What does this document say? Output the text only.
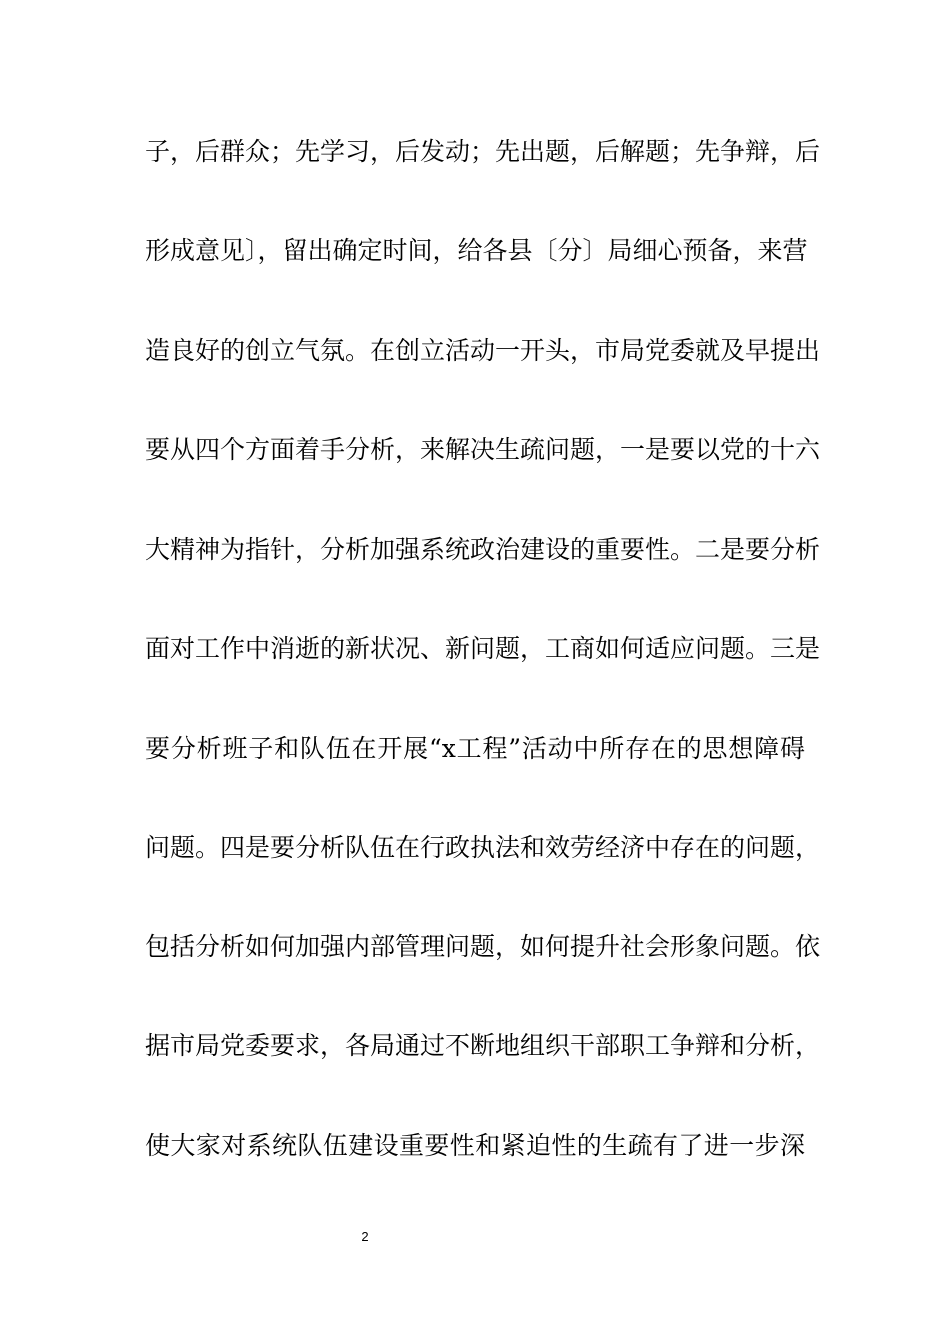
子，后群众；先学习，后发动；先出题，后解题；先争辩，后
形成意见〕，留出确定时间，给各县〔分〕局细心预备，来营
造良好的创立气氛。在创立活动一开头，市局党委就及早提出
要从四个方面着手分析，来解决生疏问题，一是要以党的十六
大精神为指针，分析加强系统政治建设的重要性。二是要分析
面对工作中消逝的新状况、新问题，工商如何适应问题。三是
要分析班子和队伍在开展“x工程”活动中所存在的思想障碍
问题。四是要分析队伍在行政执法和效劳经济中存在的问题，
包括分析如何加强内部管理问题，如何提升社会形象问题。依
据市局党委要求，各局通过不断地组织干部职工争辩和分析，
使大家对系统队伍建设重要性和紧迫性的生疏有了进一步深
2
